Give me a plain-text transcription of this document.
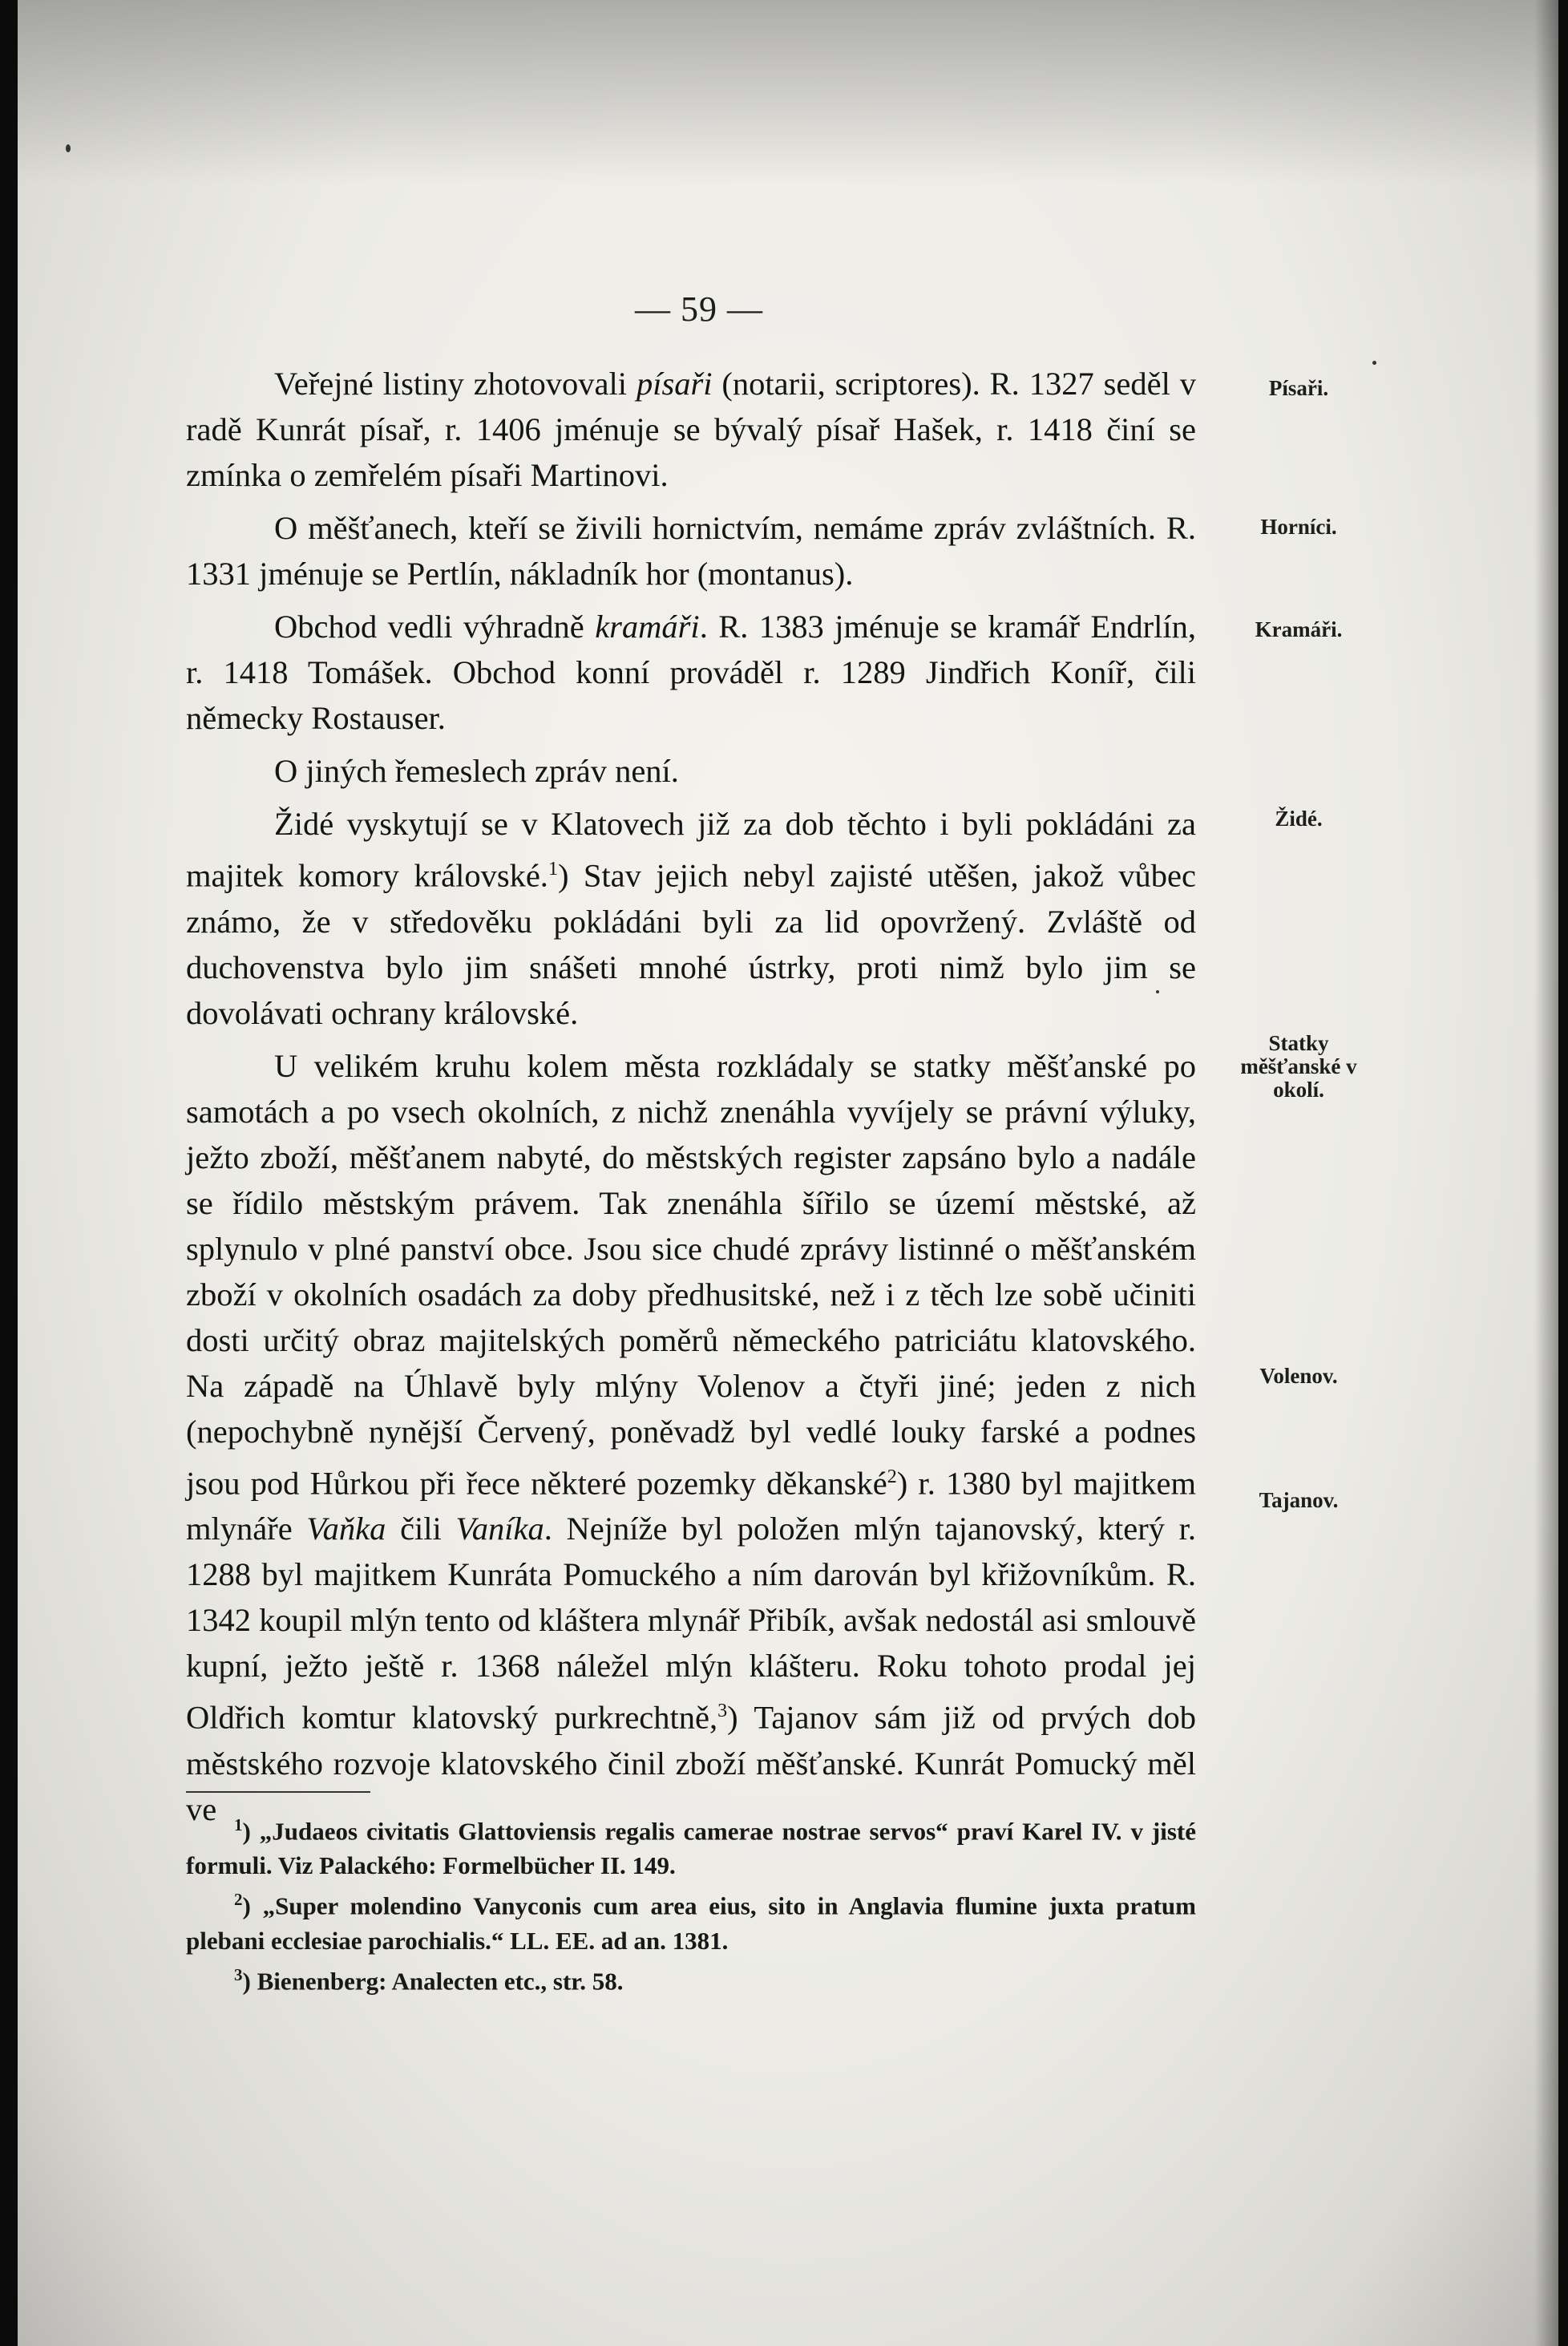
— 59 —

Veřejné listiny zhotovovali písaři (notarii, scriptores). R. 1327 seděl v radě Kunrát písař, r. 1406 jménuje se bývalý písař Hašek, r. 1418 činí se zmínka o zemřelém písaři Martinovi.

O měšťanech, kteří se živili hornictvím, nemáme zpráv zvláštních. R. 1331 jménuje se Pertlín, nákladník hor (montanus).

Obchod vedli výhradně kramáři. R. 1383 jménuje se kramář Endrlín, r. 1418 Tomášek. Obchod konní prováděl r. 1289 Jindřich Koníř, čili německy Rostauser.

O jiných řemeslech zpráv není.

Židé vyskytují se v Klatovech již za dob těchto i byli pokládáni za majitek komory královské.$^1$) Stav jejich nebyl zajisté utěšen, jakož vůbec známo, že v středověku pokládáni byli za lid opovržený. Zvláště od duchovenstva bylo jim snášeti mnohé ústrky, proti nimž bylo jim se dovolávati ochrany královské.

U velikém kruhu kolem města rozkládaly se statky měšťanské po samotách a po vsech okolních, z nichž znenáhla vyvíjely se právní výluky, ježto zboží, měšťanem nabyté, do městských register zapsáno bylo a nadále se řídilo městským právem. Tak znenáhla šířilo se území městské, až splynulo v plné panství obce. Jsou sice chudé zprávy listinné o měšťanském zboží v okolních osadách za doby předhusitské, než i z těch lze sobě učiniti dosti určitý obraz majitelských poměrů německého patriciátu klatovského. Na západě na Úhlavě byly mlýny Volenov a čtyři jiné; jeden z nich (nepochybně nynější Červený, poněvadž byl vedlé louky farské a podnes jsou pod Hůrkou při řece některé pozemky děkanské$^2$) r. 1380 byl majitkem mlynáře Vaňka čili Vaníka. Nejníže byl položen mlýn tajanovský, který r. 1288 byl majitkem Kunráta Pomuckého a ním darován byl křižovníkům. R. 1342 koupil mlýn tento od kláštera mlynář Přibík, avšak nedostál asi smlouvě kupní, ježto ještě r. 1368 náležel mlýn klášteru. Roku tohoto prodal jej Oldřich komtur klatovský purkrechtně,$^3$) Tajanov sám již od prvých dob městského rozvoje klatovského činil zboží měšťanské. Kunrát Pomucký měl ve

Písaři.
Horníci.
Kramáři.
Židé.
Statky měšťanské v okolí.
Volenov.
Tajanov.

$^1$) „Judaeos civitatis Glattoviensis regalis camerae nostrae servos“ praví Karel IV. v jisté formuli. Viz Palackého: Formelbücher II. 149.

$^2$) „Super molendino Vanyconis cum area eius, sito in Anglavia flumine juxta pratum plebani ecclesiae parochialis.“ LL. EE. ad an. 1381.

$^3$) Bienenberg: Analecten etc., str. 58.
